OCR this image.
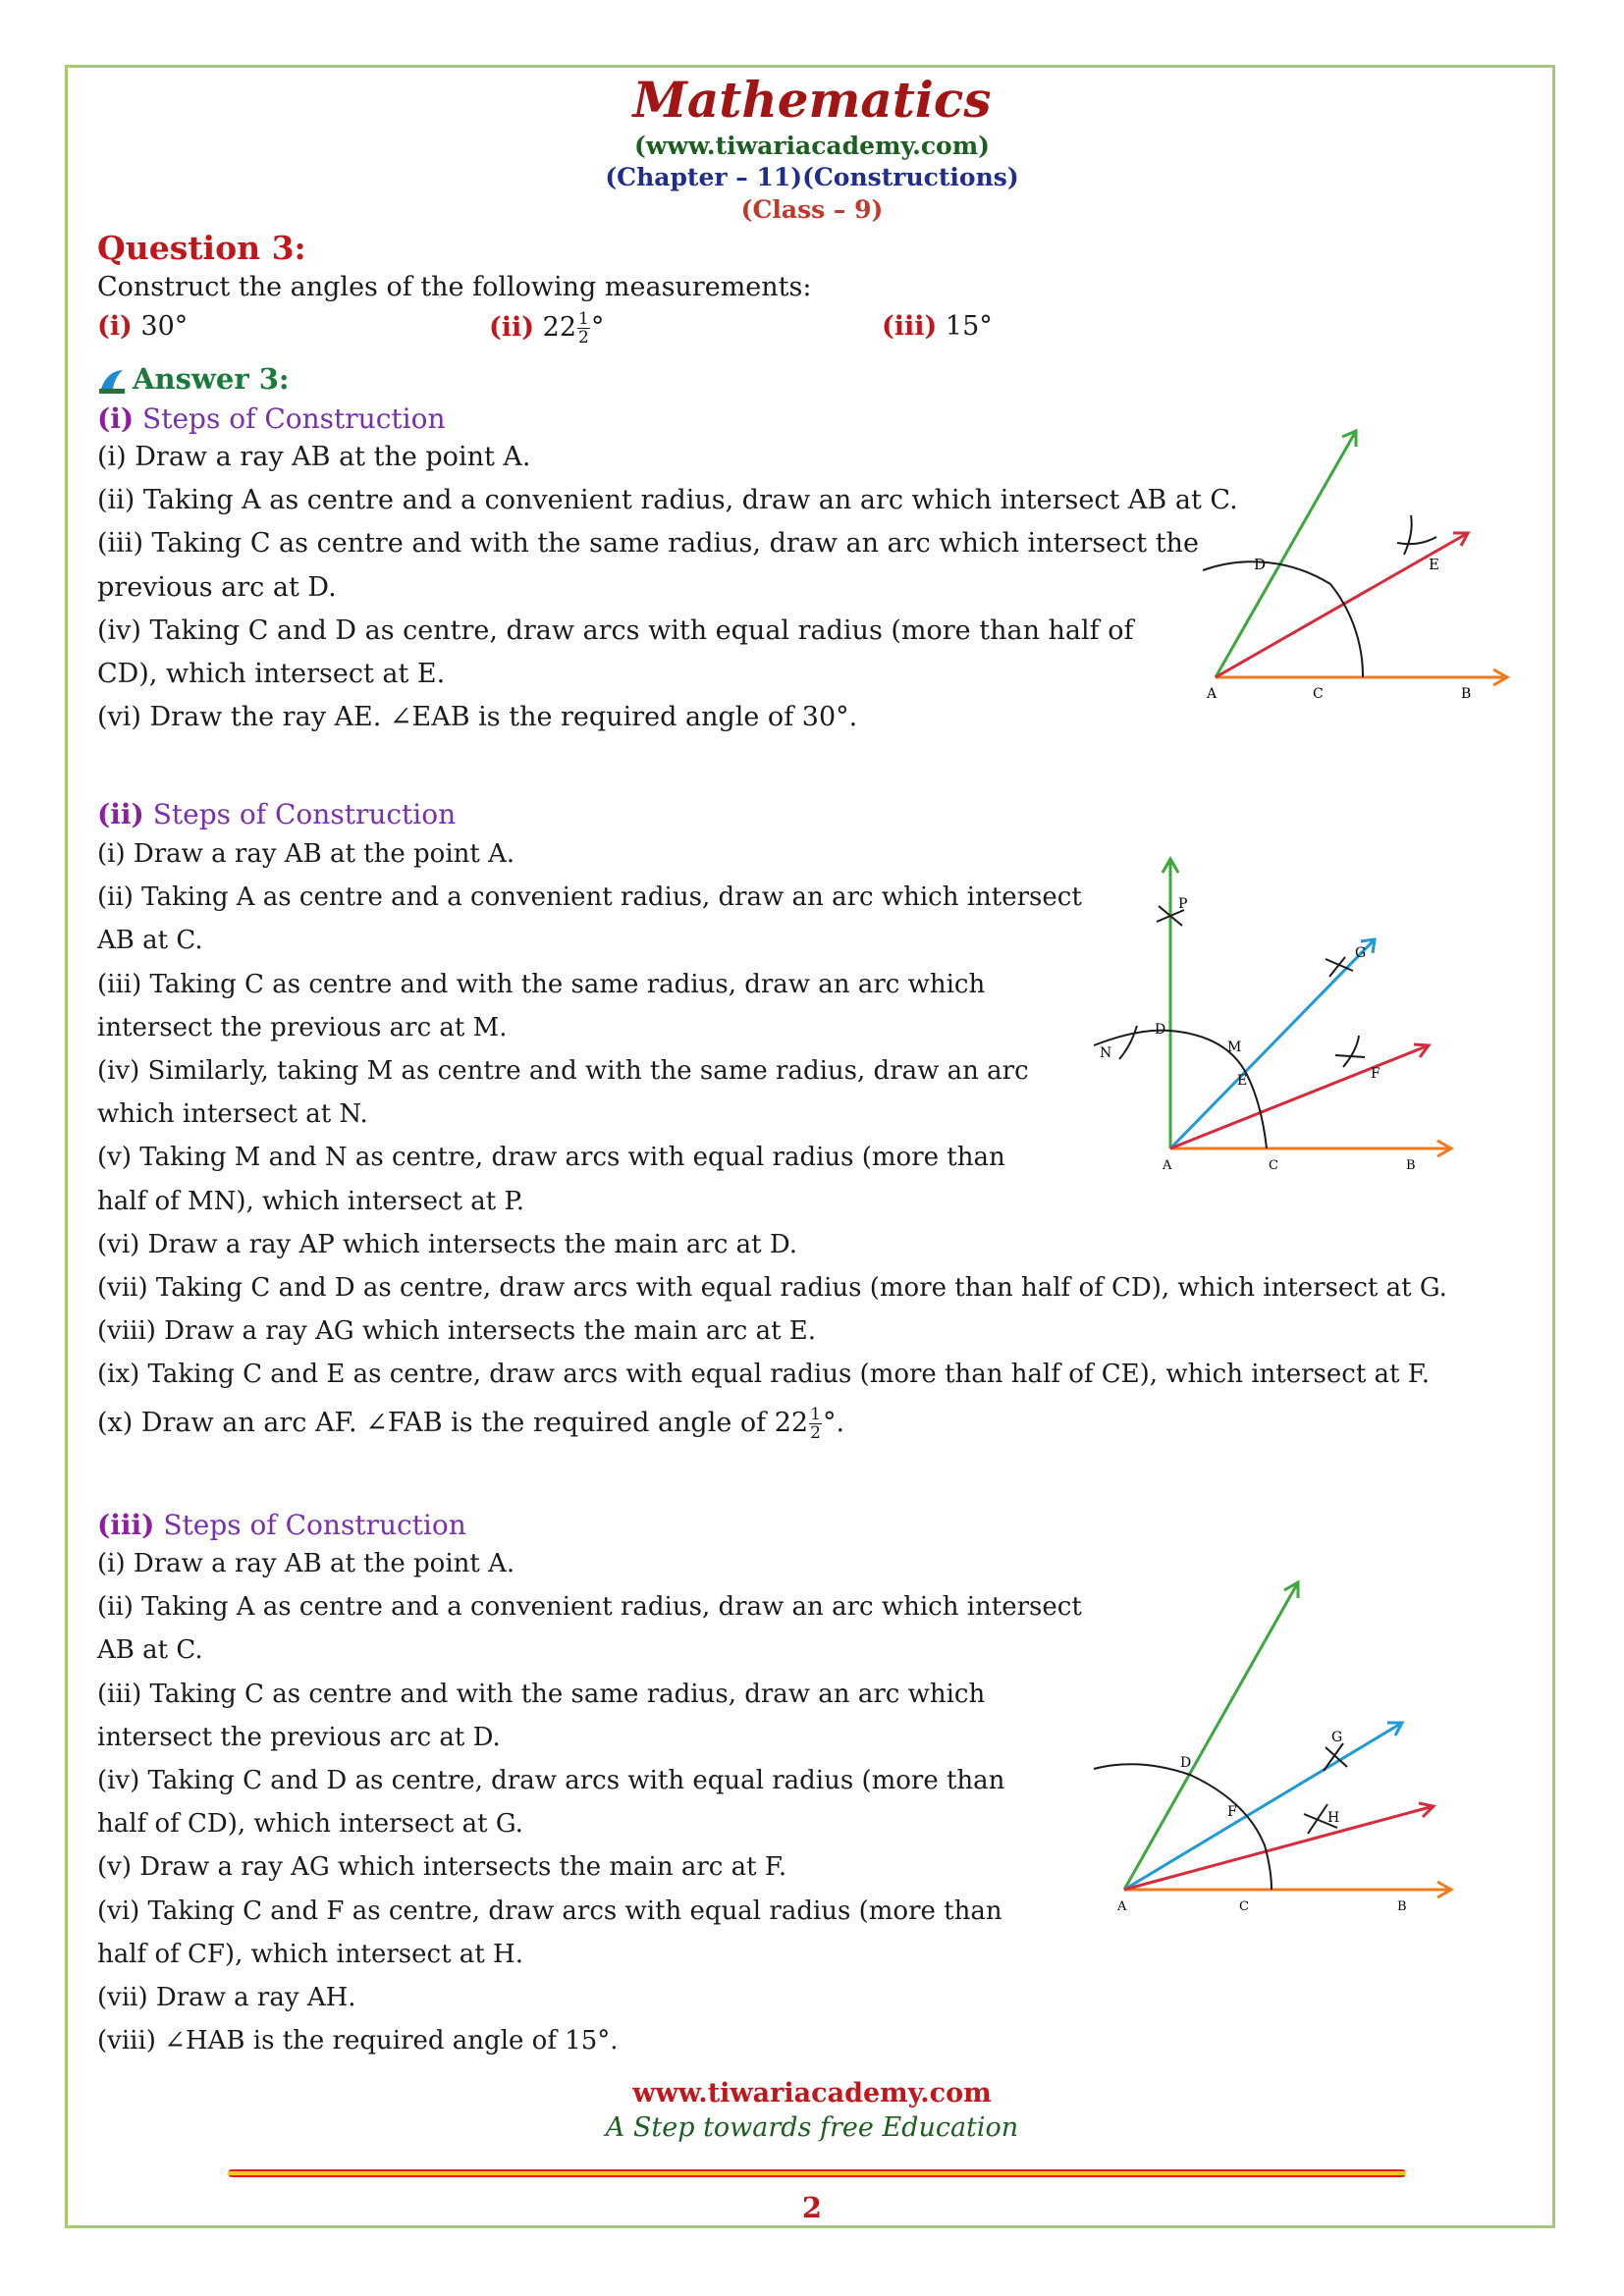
Mathematics
(www.tiwariacademy.com)
(Chapter – 11)(Constructions)
(Class – 9)
Question 3:
Construct the angles of the following measurements:
(i) 30°	(ii) $22 \frac{1}{2}$ °	(iii) 15°
Answer 3:
(i) Steps of Construction
(i) Draw a ray AB at the point A.
(ii) Taking A as centre and a convenient radius, draw an arc which intersect AB at C.
(iii) Taking C as centre and with the same radius, draw an arc which intersect the
previous arc at D.
(iv) Taking C and D as centre, draw arcs with equal radius (more than half of
CD), which intersect at E.
(vi) Draw the ray AE. ∠EAB is the required angle of 30°.
D	E
A	C	B
(ii) Steps of Construction
(i) Draw a ray AB at the point A.
(ii) Taking A as centre and a convenient radius, draw an arc which intersect
AB at C.
(iii) Taking C as centre and with the same radius, draw an arc which
intersect the previous arc at M.
(iv) Similarly, taking M as centre and with the same radius, draw an arc
which intersect at N.
(v) Taking M and N as centre, draw arcs with equal radius (more than
half of MN), which intersect at P.
(vi) Draw a ray AP which intersects the main arc at D.
(vii) Taking C and D as centre, draw arcs with equal radius (more than half of CD), which intersect at G.
(viii) Draw a ray AG which intersects the main arc at E.
(ix) Taking C and E as centre, draw arcs with equal radius (more than half of CE), which intersect at F.
(x) Draw an arc AF. ∠FAB is the required angle of $22 \frac{1}{2}$ °.
P
G
D
M
N
E	F
A	C	B
(iii) Steps of Construction
(i) Draw a ray AB at the point A.
(ii) Taking A as centre and a convenient radius, draw an arc which intersect
AB at C.
(iii) Taking C as centre and with the same radius, draw an arc which
intersect the previous arc at D.
(iv) Taking C and D as centre, draw arcs with equal radius (more than
half of CD), which intersect at G.
(v) Draw a ray AG which intersects the main arc at F.
(vi) Taking C and F as centre, draw arcs with equal radius (more than
half of CF), which intersect at H.
(vii) Draw a ray AH.
(viii) ∠HAB is the required angle of 15°.
D
G
F	H
A	C	B
www.tiwariacademy.com
A Step towards free Education
2
